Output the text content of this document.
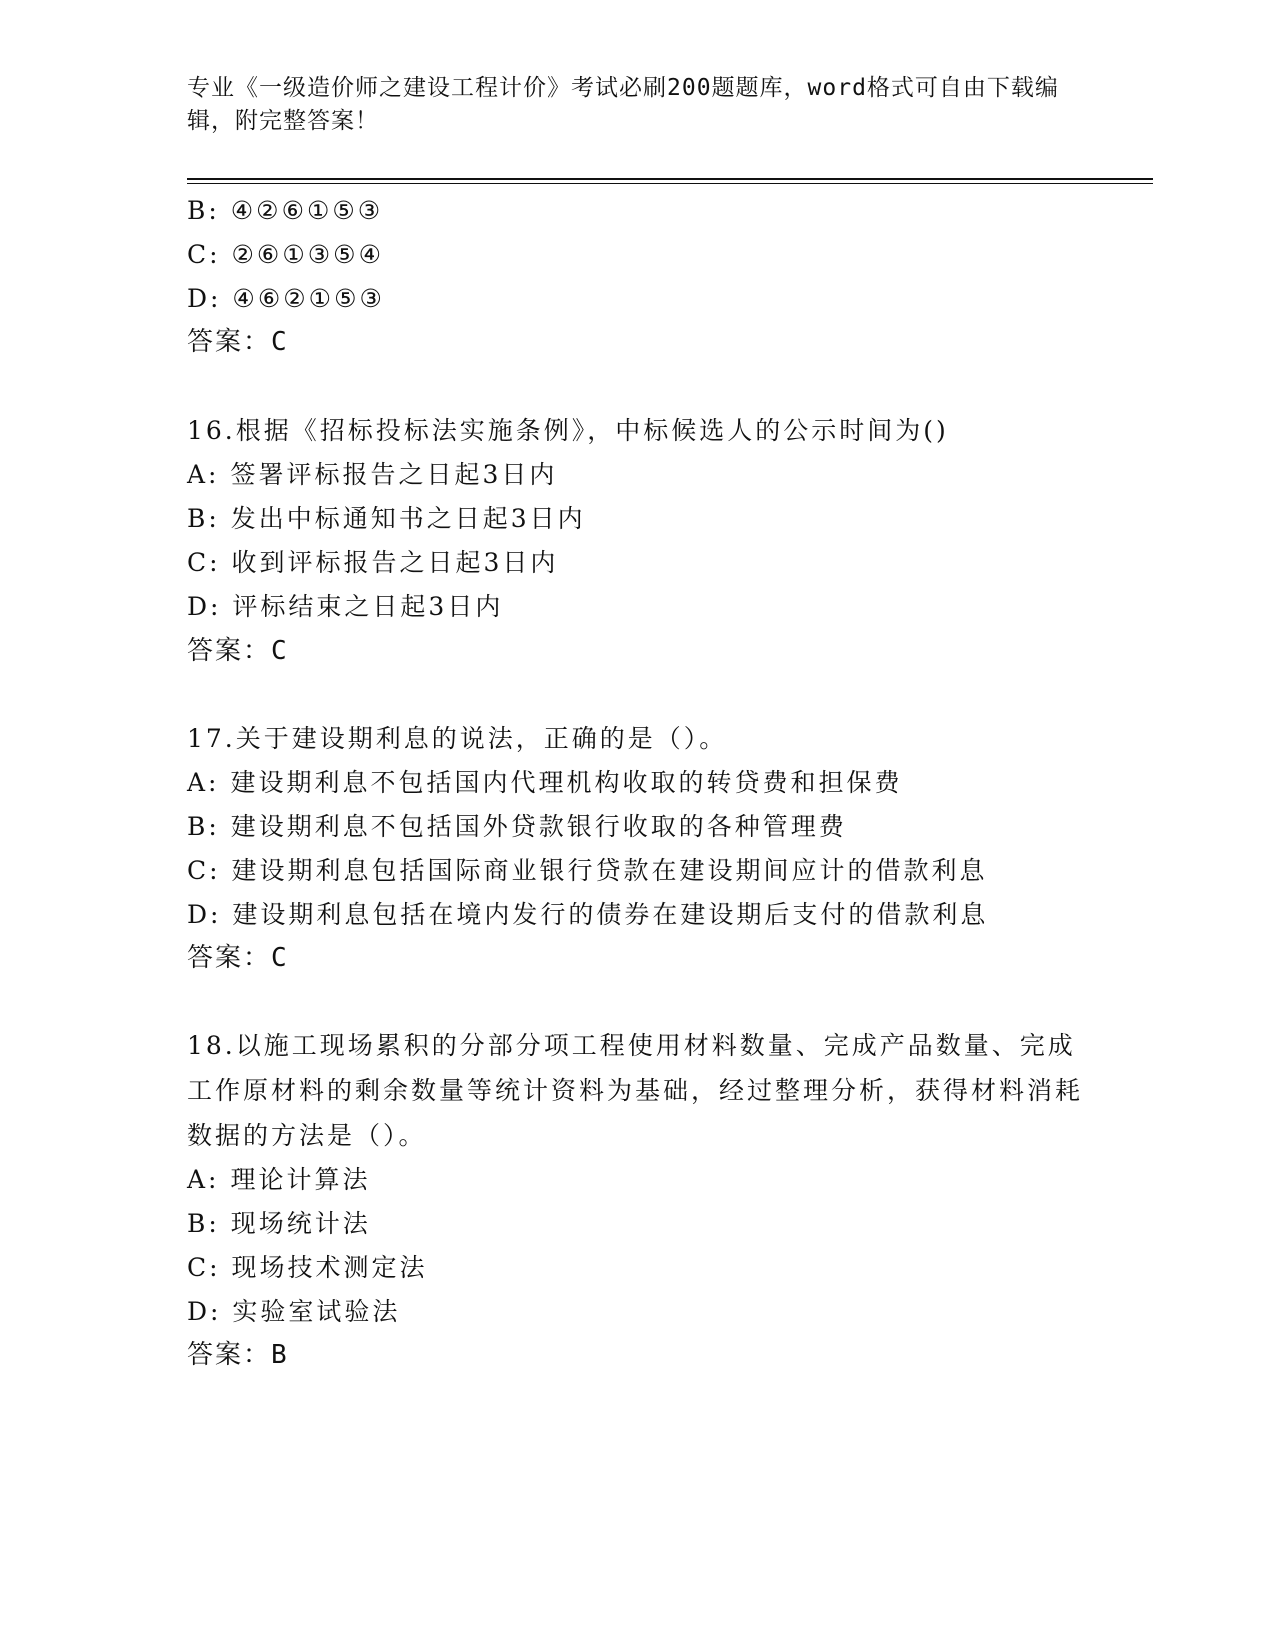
专业《一级造价师之建设工程计价》考试必刷200题题库，word格式可自由下载编辑，附完整答案！
B: ④②⑥①⑤③
C: ②⑥①③⑤④
D: ④⑥②①⑤③
答案：C
16.根据《招标投标法实施条例》，中标候选人的公示时间为()
A: 签署评标报告之日起3日内
B: 发出中标通知书之日起3日内
C: 收到评标报告之日起3日内
D: 评标结束之日起3日内
答案：C
17.关于建设期利息的说法，正确的是（）。
A: 建设期利息不包括国内代理机构收取的转贷费和担保费
B: 建设期利息不包括国外贷款银行收取的各种管理费
C: 建设期利息包括国际商业银行贷款在建设期间应计的借款利息
D: 建设期利息包括在境内发行的债券在建设期后支付的借款利息
答案：C
18.以施工现场累积的分部分项工程使用材料数量、完成产品数量、完成工作原材料的剩余数量等统计资料为基础，经过整理分析，获得材料消耗数据的方法是（）。
A: 理论计算法
B: 现场统计法
C: 现场技术测定法
D: 实验室试验法
答案：B
